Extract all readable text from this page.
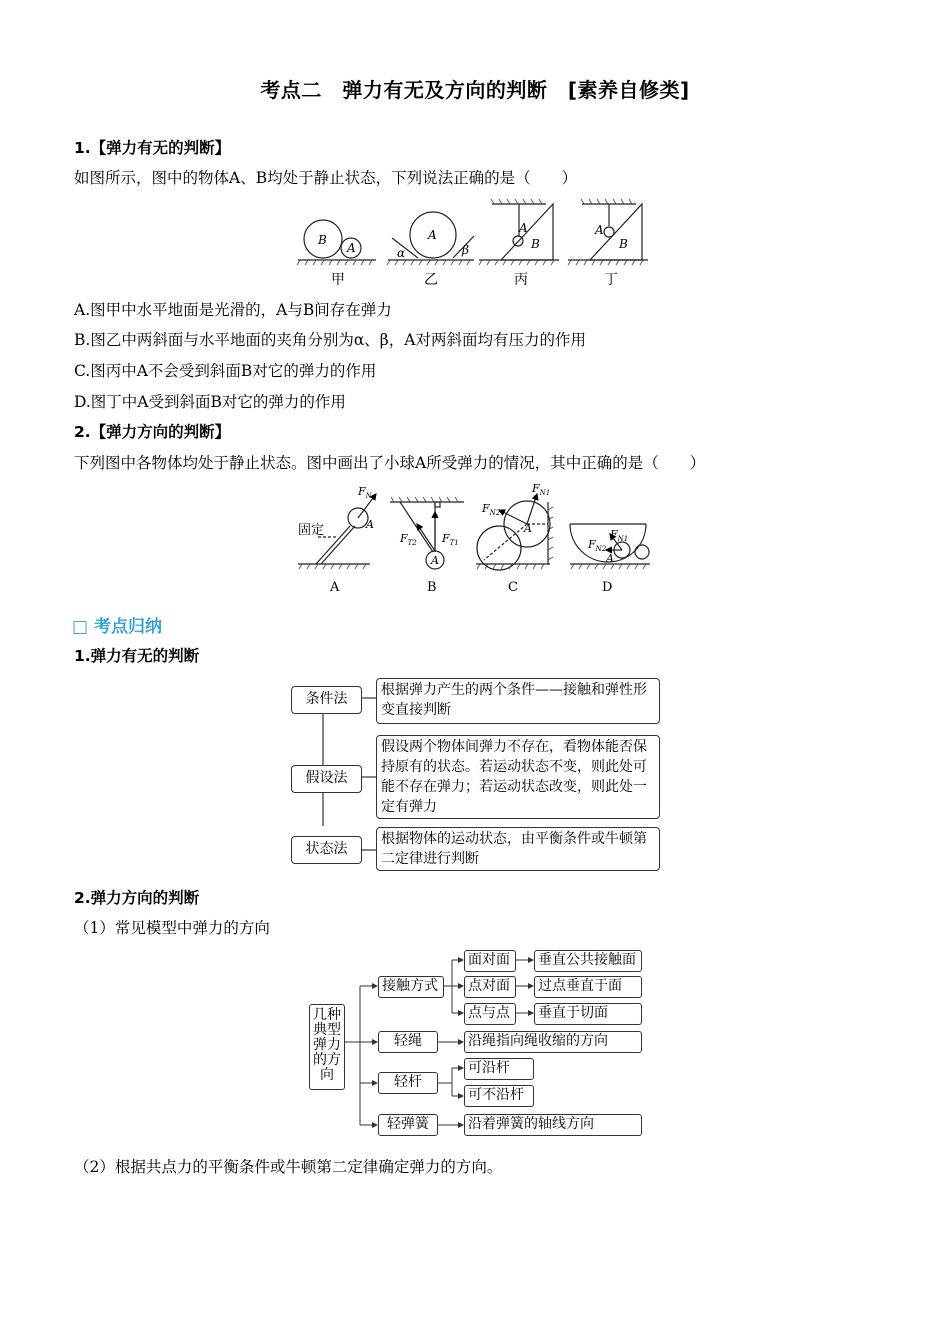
考点二　弹力有无及方向的判断　[素养自修类]
1.【弹力有无的判断】
如图所示，图中的物体A、B均处于静止状态，下列说法正确的是（　　）
B
A
A
α	β
A
B
A
B
甲	乙	丙	丁
A.图甲中水平地面是光滑的，A与B间存在弹力
B.图乙中两斜面与水平地面的夹角分别为α、β，A对两斜面均有压力的作用
C.图丙中A不会受到斜面B对它的弹力的作用
D.图丁中A受到斜面B对它的弹力的作用
2.【弹力方向的判断】
下列图中各物体均处于静止状态。图中画出了小球A所受弹力的情况，其中正确的是（　　）
$F_N$
A
A
$F_{T1}$
$F_{T2}$
A
$F_{N1}$
$F_{N2}$
A
$F_{N1}$
$F_{N2}$
固定
A	B	C	D
□ 考点归纳
1.弹力有无的判断
条件法
根据弹力产生的两个条件——接触和弹性形变直接判断
假设法
假设两个物体间弹力不存在，看物体能否保持原有的状态。若运动状态不变，则此处可能不存在弹力；若运动状态改变，则此处一定有弹力
状态法
根据物体的运动状态，由平衡条件或牛顿第二定律进行判断
2.弹力方向的判断
（1）常见模型中弹力的方向
几种典型弹力的方向
接触方式
面对面	垂直公共接触面
点对面	过点垂直于面
点与点	垂直于切面
轻绳	沿绳指向绳收缩的方向
轻杆
可沿杆
可不沿杆
轻弹簧	沿着弹簧的轴线方向
（2）根据共点力的平衡条件或牛顿第二定律确定弹力的方向。
